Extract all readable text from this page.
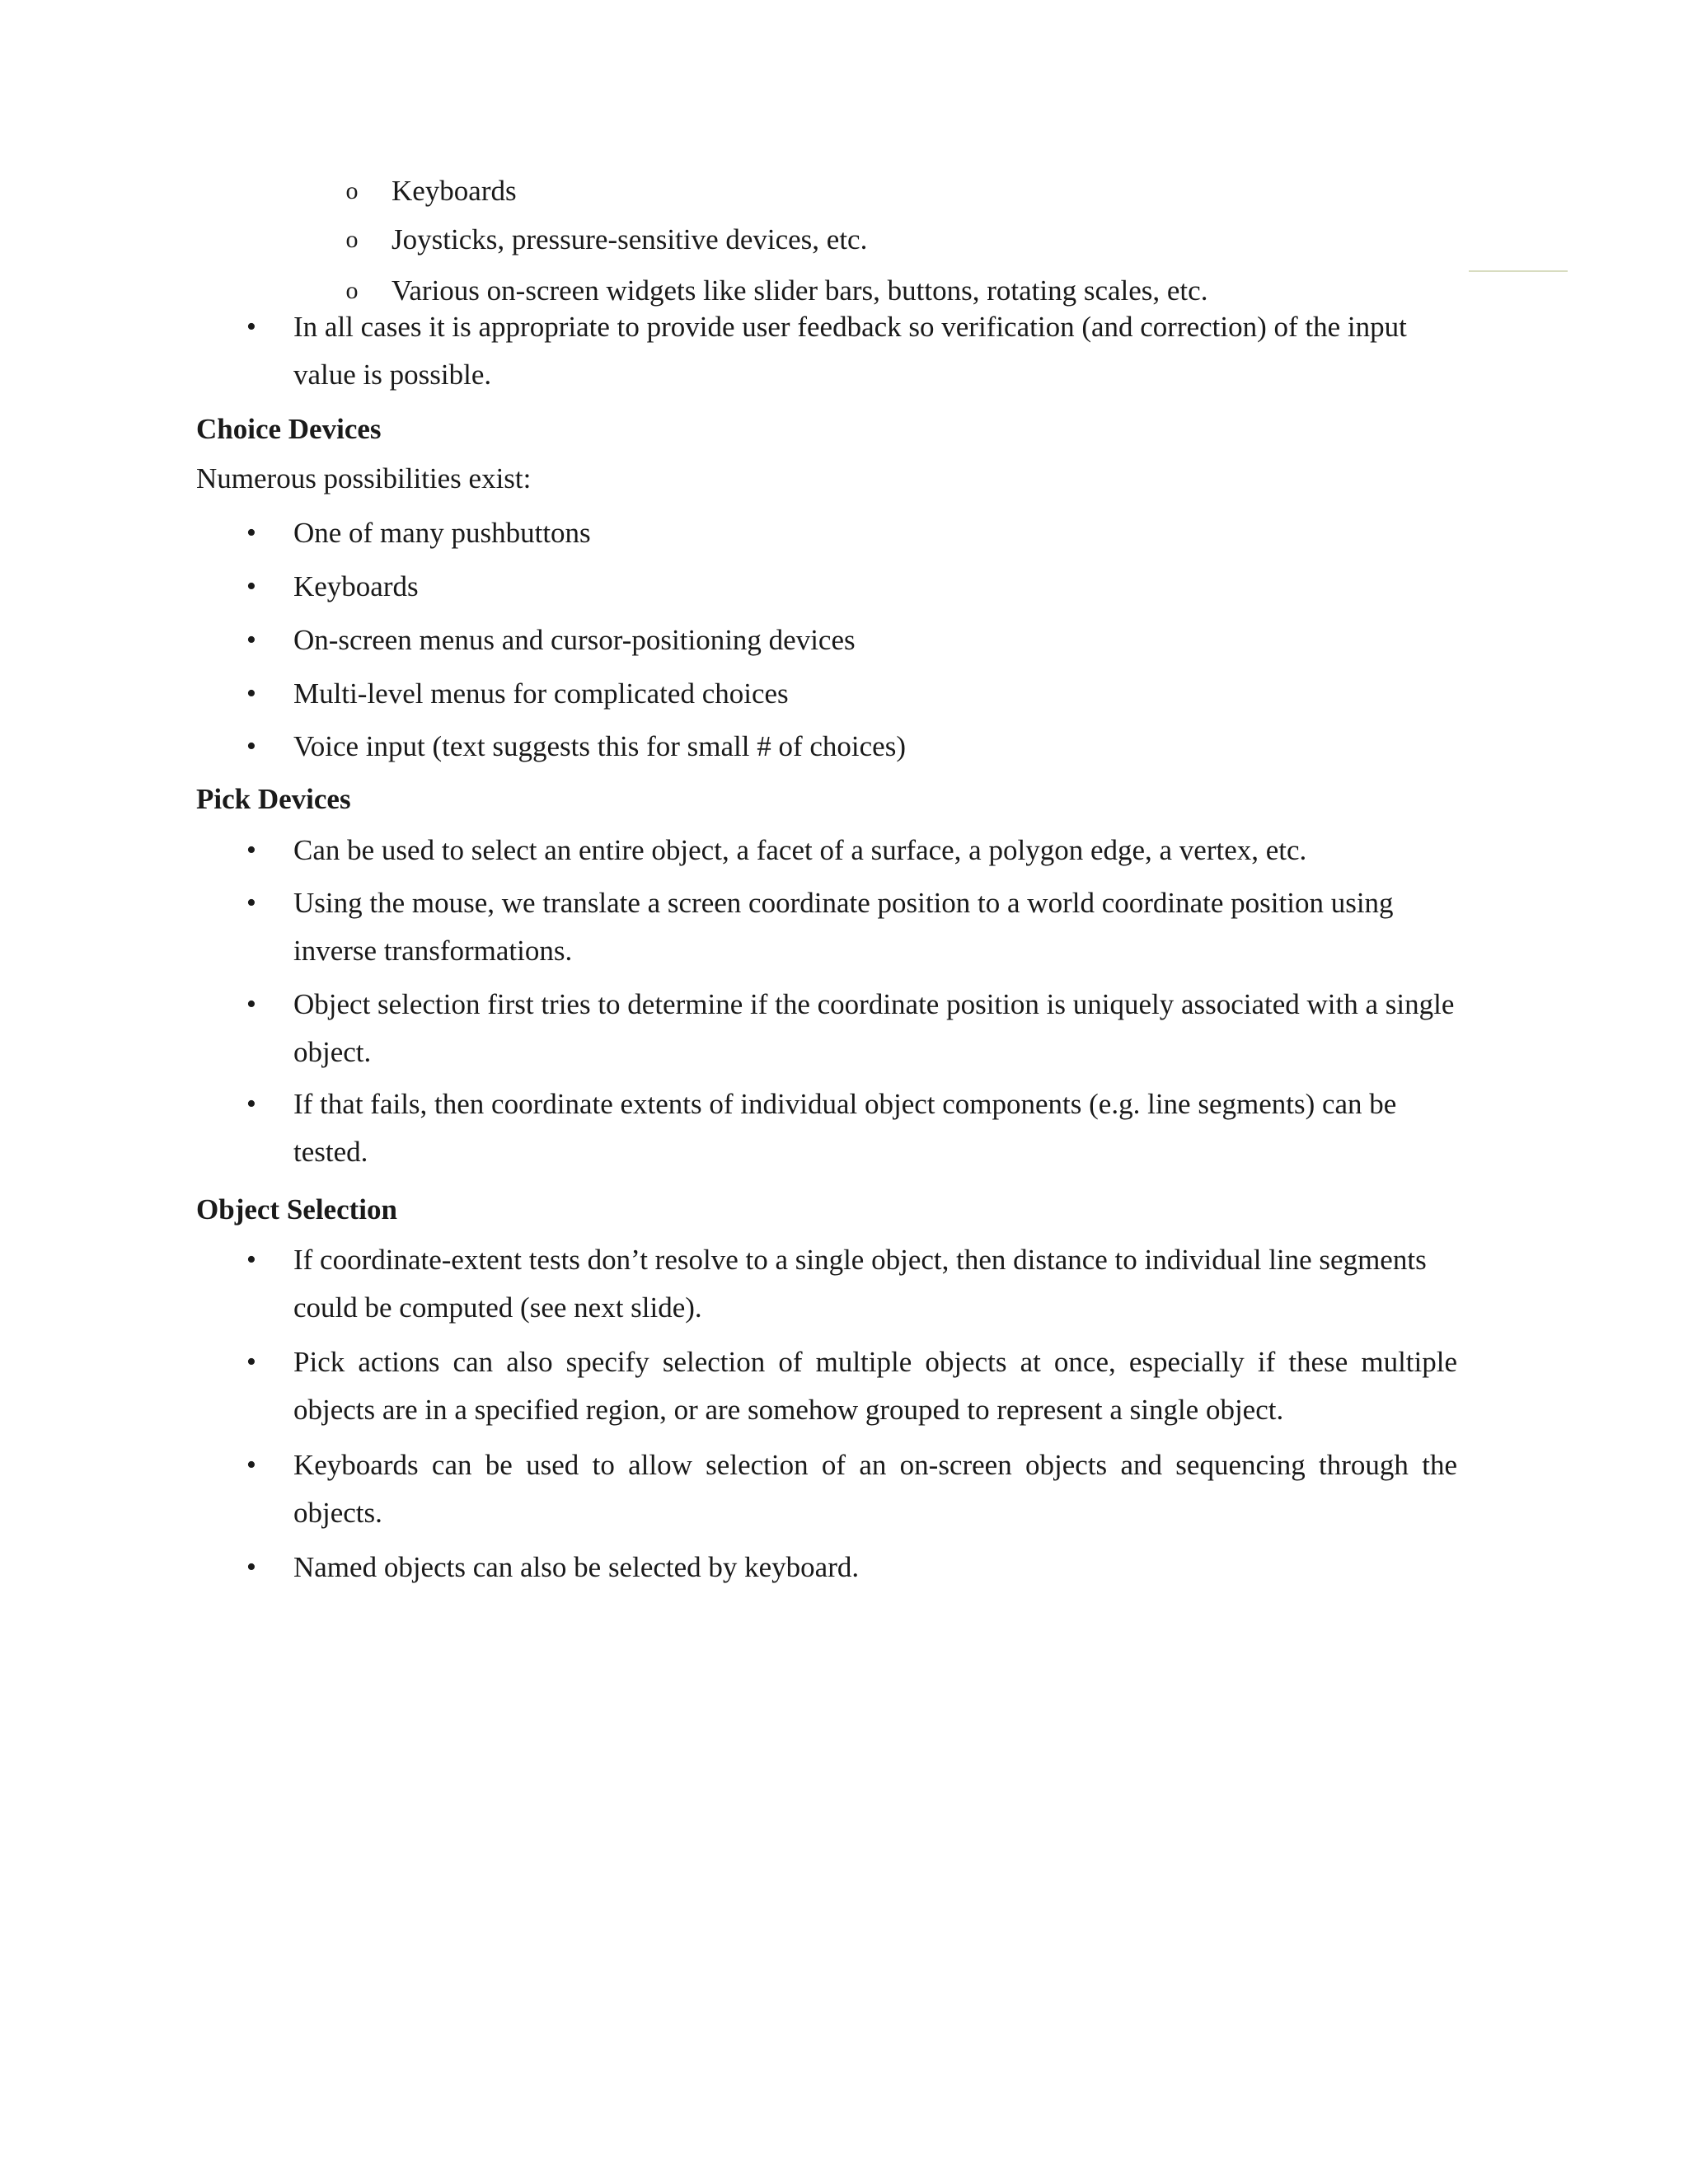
o Keyboards
o Joysticks, pressure-sensitive devices, etc.
o Various on-screen widgets like slider bars, buttons, rotating scales, etc.
• In all cases it is appropriate to provide user feedback so verification (and correction) of the input value is possible.
Choice Devices
Numerous possibilities exist:
• One of many pushbuttons
• Keyboards
• On-screen menus and cursor-positioning devices
• Multi-level menus for complicated choices
• Voice input (text suggests this for small # of choices)
Pick Devices
• Can be used to select an entire object, a facet of a surface, a polygon edge, a vertex, etc.
• Using the mouse, we translate a screen coordinate position to a world coordinate position using inverse transformations.
• Object selection first tries to determine if the coordinate position is uniquely associated with a single object.
• If that fails, then coordinate extents of individual object components (e.g. line segments) can be tested.
Object Selection
• If coordinate-extent tests don’t resolve to a single object, then distance to individual line segments could be computed (see next slide).
• Pick actions can also specify selection of multiple objects at once, especially if these multiple objects are in a specified region, or are somehow grouped to represent a single object.
• Keyboards can be used to allow selection of an on-screen objects and sequencing through the objects.
• Named objects can also be selected by keyboard.
